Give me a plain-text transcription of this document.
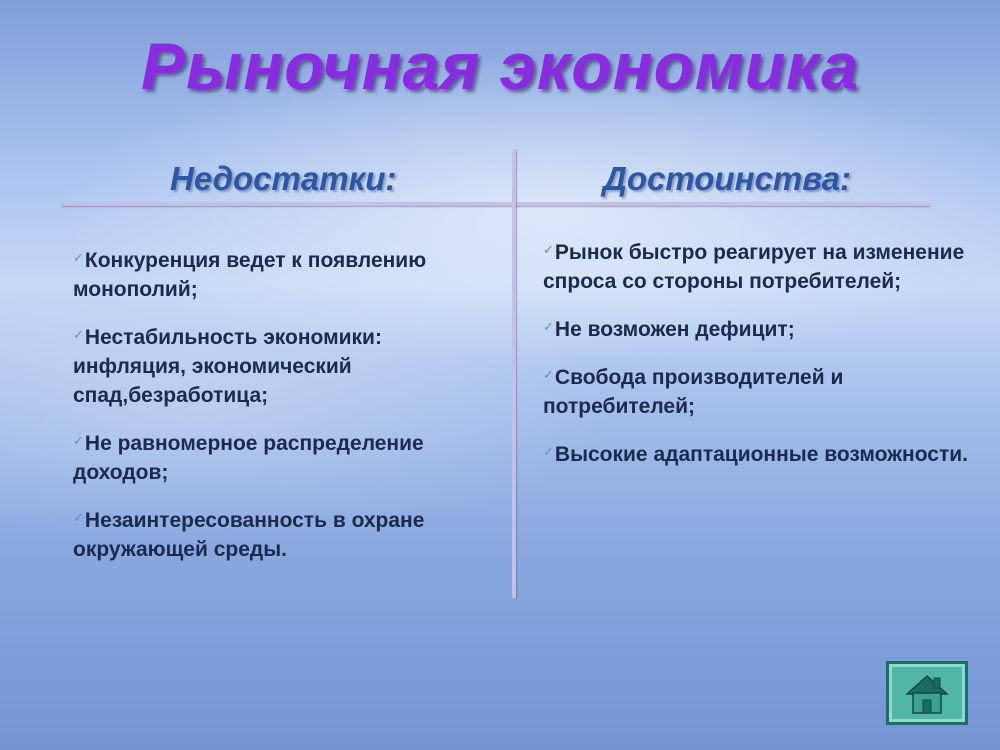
Рыночная экономика
Недостатки:	Достоинства:
✓Конкуренция ведет к появлению монополий;
✓Нестабильность экономики: инфляция, экономический спад,безработица;
✓Не равномерное распределение доходов;
✓Незаинтересованность в охране окружающей среды.
✓Рынок быстро реагирует на изменение спроса со стороны потребителей;
✓Не возможен дефицит;
✓Свобода производителей и потребителей;
✓Высокие адаптационные возможности.
